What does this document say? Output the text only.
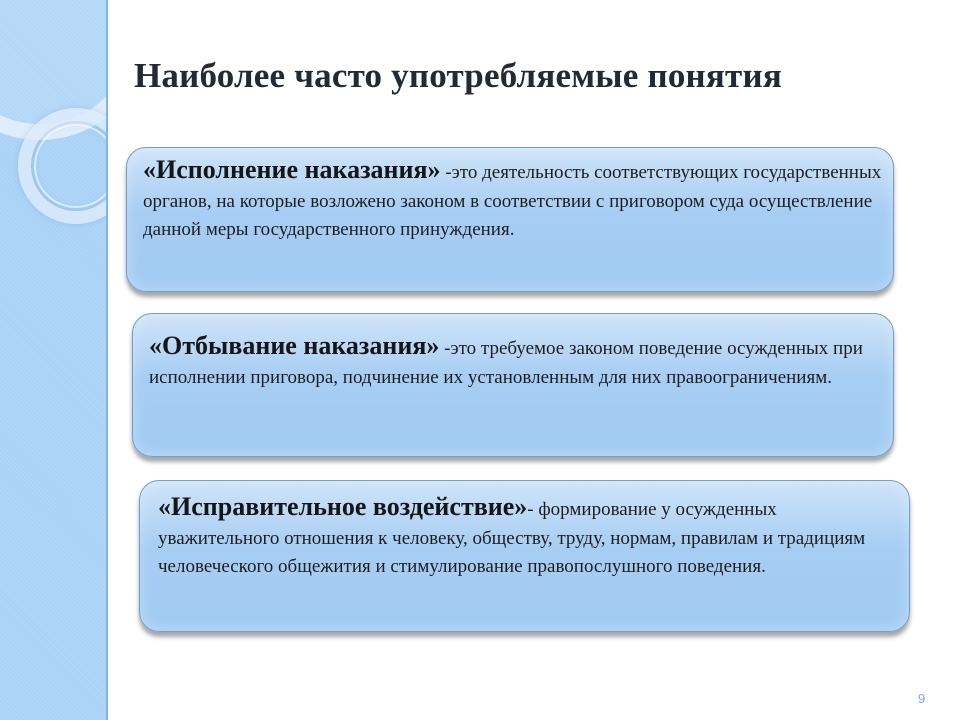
Наиболее часто употребляемые понятия
«Исполнение наказания» -это деятельность соответствующих государственных органов, на которые возложено законом в соответствии с приговором суда осуществление данной меры государственного принуждения.
«Отбывание наказания» -это требуемое законом поведение осужденных при исполнении приговора, подчинение их установленным для них правоограничениям.
«Исправительное воздействие»- формирование у осужденных уважительного отношения к человеку, обществу, труду, нормам, правилам и традициям человеческого общежития и стимулирование правопослушного поведения.
9
